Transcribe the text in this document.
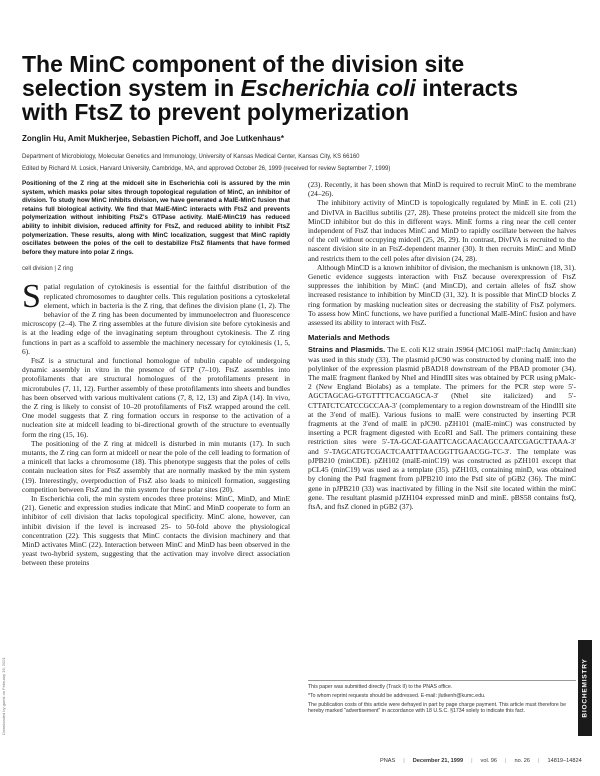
The MinC component of the division site selection system in Escherichia coli interacts with FtsZ to prevent polymerization
Zonglin Hu, Amit Mukherjee, Sebastien Pichoff, and Joe Lutkenhaus*
Department of Microbiology, Molecular Genetics and Immunology, University of Kansas Medical Center, Kansas City, KS 66160
Edited by Richard M. Losick, Harvard University, Cambridge, MA, and approved October 26, 1999 (received for review September 7, 1999)
Positioning of the Z ring at the midcell site in Escherichia coli is assured by the min system, which masks polar sites through topological regulation of MinC, an inhibitor of division. To study how MinC inhibits division, we have generated a MalE-MinC fusion that retains full biological activity. We find that MalE-MinC interacts with FtsZ and prevents polymerization without inhibiting FtsZ's GTPase activity. MalE-MinC19 has reduced ability to inhibit division, reduced affinity for FtsZ, and reduced ability to inhibit FtsZ polymerization. These results, along with MinC localization, suggest that MinC rapidly oscillates between the poles of the cell to destabilize FtsZ filaments that have formed before they mature into polar Z rings.
cell division | Z ring

Spatial regulation of cytokinesis is essential for the faithful distribution of the replicated chromosomes to daughter cells. This regulation positions a cytoskeletal element, which in bacteria is the Z ring, that defines the division plane (1, 2). The behavior of the Z ring has been documented by immunoelectron and fluorescence microscopy (2–4). The Z ring assembles at the future division site before cytokinesis and is at the leading edge of the invaginating septum throughout cytokinesis. The Z ring functions in part as a scaffold to assemble the machinery necessary for cytokinesis (1, 5, 6).

FtsZ is a structural and functional homologue of tubulin capable of undergoing dynamic assembly in vitro in the presence of GTP (7–10). FtsZ assembles into protofilaments that are structural homologues of the protofilaments present in microtubules (7, 11, 12). Further assembly of these protofilaments into sheets and bundles has been observed with various multivalent cations (7, 8, 12, 13) and ZipA (14). In vivo, the Z ring is likely to consist of 10–20 protofilaments of FtsZ wrapped around the cell. One model suggests that Z ring formation occurs in response to the activation of a nucleation site at midcell leading to bi-directional growth of the structure to eventually form the ring (15, 16).

The positioning of the Z ring at midcell is disturbed in min mutants (17). In such mutants, the Z ring can form at midcell or near the pole of the cell leading to formation of a minicell that lacks a chromosome (18). This phenotype suggests that the poles of cells contain nucleation sites for FtsZ assembly that are normally masked by the min system (19). Interestingly, overproduction of FtsZ also leads to minicell formation, suggesting competition between FtsZ and the min system for these polar sites (20).

In Escherichia coli, the min system encodes three proteins: MinC, MinD, and MinE (21). Genetic and expression studies indicate that MinC and MinD cooperate to form an inhibitor of cell division that lacks topological specificity. MinC alone, however, can inhibit division if the level is increased 25- to 50-fold above the physiological concentration (22). This suggests that MinC contacts the division machinery and that MinD activates MinC (22). Interaction between MinC and MinD has been observed in the yeast two-hybrid system, suggesting that the activation may involve direct association between these proteins

(23). Recently, it has been shown that MinD is required to recruit MinC to the membrane (24–26).

The inhibitory activity of MinCD is topologically regulated by MinE in E. coli (21) and DivIVA in Bacillus subtilis (27, 28). These proteins protect the midcell site from the MinCD inhibitor but do this in different ways. MinE forms a ring near the cell center independent of FtsZ that induces MinC and MinD to rapidly oscillate between the halves of the cell without occupying midcell (25, 26, 29). In contrast, DivIVA is recruited to the nascent division site in an FtsZ-dependent manner (30). It then recruits MinC and MinD and restricts them to the cell poles after division (24, 28).

Although MinCD is a known inhibitor of division, the mechanism is unknown (18, 31). Genetic evidence suggests interaction with FtsZ because overexpression of FtsZ suppresses the inhibition by MinC (and MinCD), and certain alleles of ftsZ show increased resistance to inhibition by MinCD (31, 32). It is possible that MinCD blocks Z ring formation by masking nucleation sites or decreasing the stability of FtsZ polymers. To assess how MinC functions, we have purified a functional MalE-MinC fusion and have assessed its ability to interact with FtsZ.

Materials and Methods

Strains and Plasmids. The E. coli K12 strain JS964 (MC1061 malP::lacIq Δmin::kan) was used in this study (33). The plasmid pJC90 was constructed by cloning malE into the polylinker of the expression plasmid pBAD18 downstream of the PBAD promoter (34). The malE fragment flanked by NheI and HindIII sites was obtained by PCR using pMalc-2 (New England Biolabs) as a template. The primers for the PCR step were 5′-AGCTAGCAG-GTGTTTTCACGAGCA-3′ (NheI site italicized) and 5′-CTTATCTCATCCGCCAA-3′ (complementary to a region downstream of the HindIII site at the 3′end of malE). Various fusions to malE were constructed by inserting PCR fragments at the 3′end of malE in pJC90. pZH101 (malE-minC) was constructed by inserting a PCR fragment digested with EcoRI and SalI. The primers containing these restriction sites were 5′-TA-GCAT-GAATTCAGCAACAGCCAATCGAGCTTAAA-3′ and 5′-TAGCATGTCGACTCAATTTAACGGTTGAACGG-TC-3′. The template was pJPB210 (minCDE). pZH102 (malE-minC19) was constructed as pZH101 except that pCL45 (minC19) was used as a template (35). pZH103, containing minD, was obtained by cloning the PstI fragment from pJPB210 into the PstI site of pGB2 (36). The minC gene in pJPB210 (33) was inactivated by filling in the NsiI site located within the minC gene. The resultant plasmid pJZH104 expressed minD and minE. pBS58 contains ftsQ, ftsA, and ftsZ cloned in pGB2 (37).

This paper was submitted directly (Track II) to the PNAS office.

*To whom reprint requests should be addressed. E-mail: jlutkenh@kumc.edu.

The publication costs of this article were defrayed in part by page charge payment. This article must therefore be hereby marked "advertisement" in accordance with 18 U.S.C. §1734 solely to indicate this fact.	BIOCHEMISTRY
Downloaded by guest on February 16, 2021
PNAS | December 21, 1999 | vol. 96 | no. 26 | 14819–14824
